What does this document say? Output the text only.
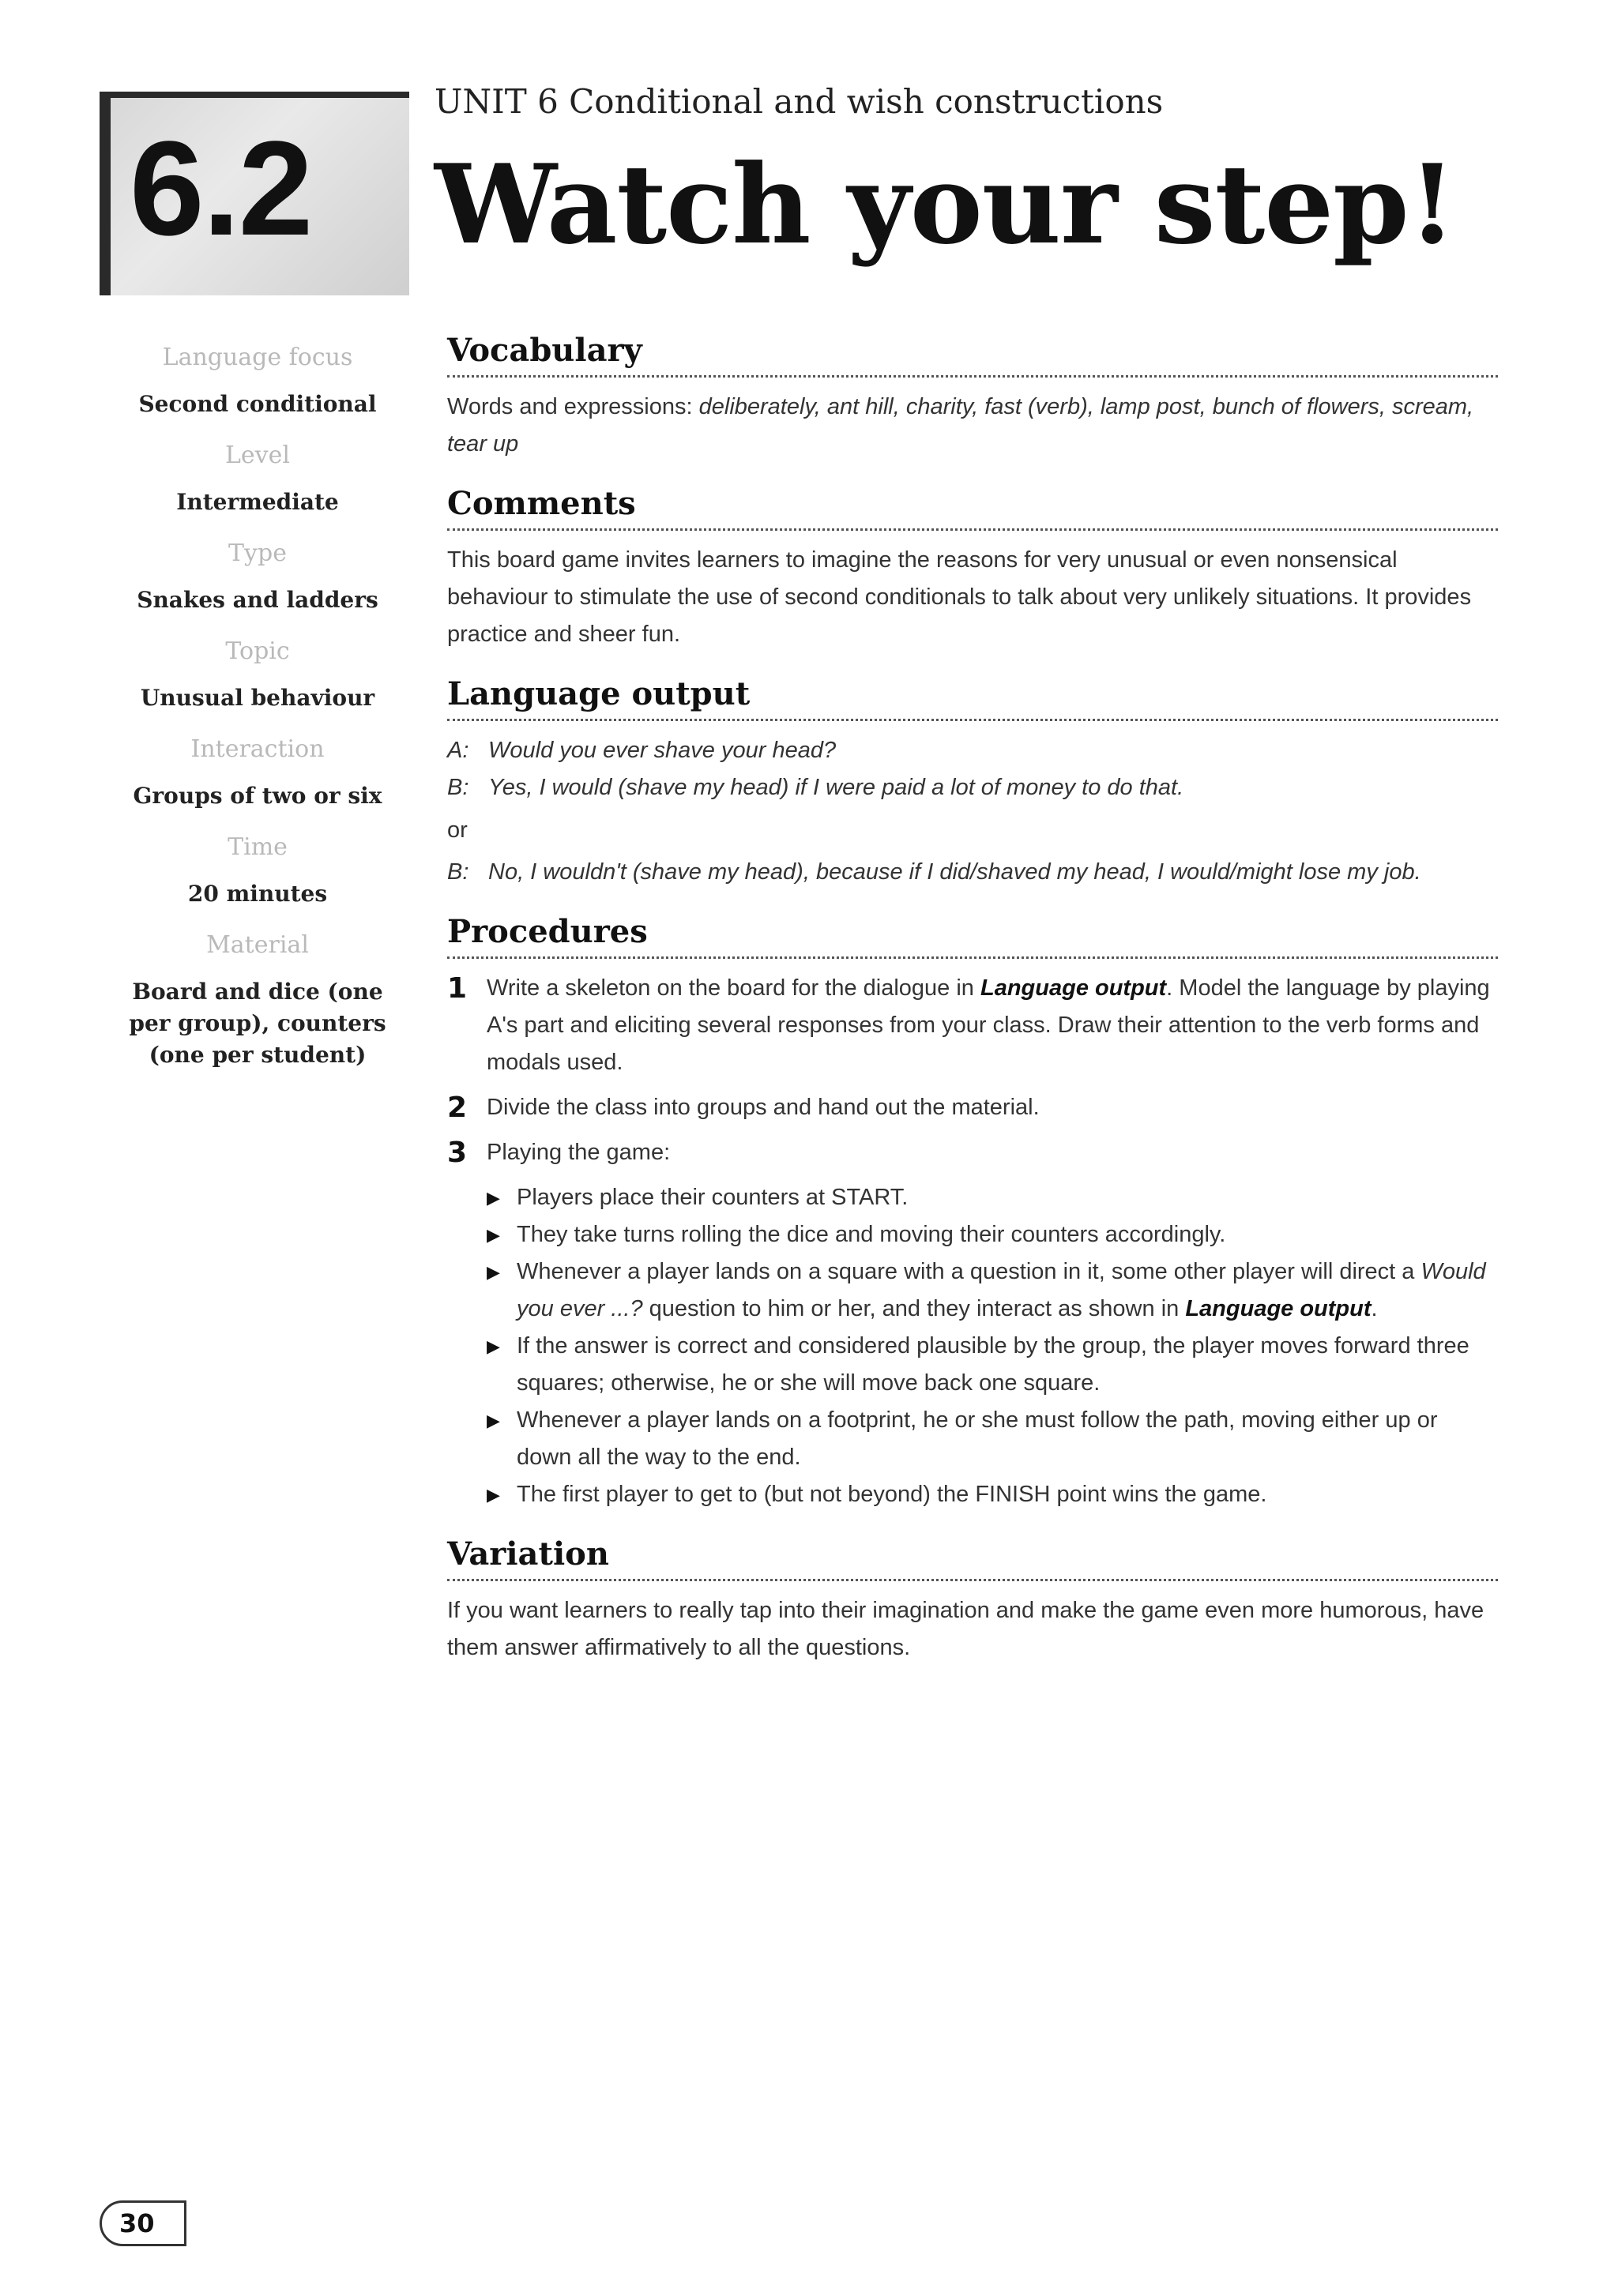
6.2
UNIT 6 Conditional and wish constructions
Watch your step!
Language focus
Second conditional
Level
Intermediate
Type
Snakes and ladders
Topic
Unusual behaviour
Interaction
Groups of two or six
Time
20 minutes
Material
Board and dice (one per group), counters (one per student)
Vocabulary
Words and expressions: deliberately, ant hill, charity, fast (verb), lamp post, bunch of flowers, scream, tear up
Comments
This board game invites learners to imagine the reasons for very unusual or even nonsensical behaviour to stimulate the use of second conditionals to talk about very unlikely situations. It provides practice and sheer fun.
Language output
A: Would you ever shave your head?
B: Yes, I would (shave my head) if I were paid a lot of money to do that.
or
B: No, I wouldn't (shave my head), because if I did/shaved my head, I would/might lose my job.
Procedures
1 Write a skeleton on the board for the dialogue in Language output. Model the language by playing A's part and eliciting several responses from your class. Draw their attention to the verb forms and modals used.
2 Divide the class into groups and hand out the material.
3 Playing the game:
▶ Players place their counters at START.
▶ They take turns rolling the dice and moving their counters accordingly.
▶ Whenever a player lands on a square with a question in it, some other player will direct a Would you ever ...? question to him or her, and they interact as shown in Language output.
▶ If the answer is correct and considered plausible by the group, the player moves forward three squares; otherwise, he or she will move back one square.
▶ Whenever a player lands on a footprint, he or she must follow the path, moving either up or down all the way to the end.
▶ The first player to get to (but not beyond) the FINISH point wins the game.
Variation
If you want learners to really tap into their imagination and make the game even more humorous, have them answer affirmatively to all the questions.
30
